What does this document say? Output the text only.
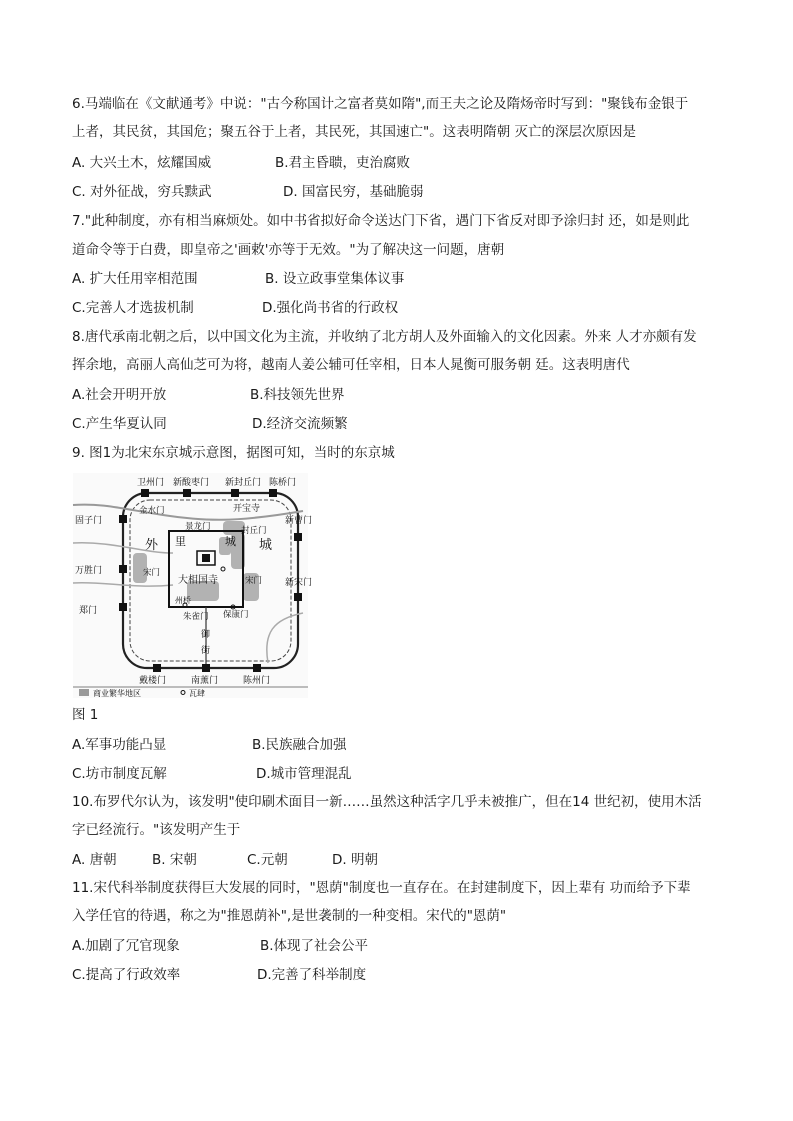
6.马端临在《文献通考》中说："古今称国计之富者莫如隋",而王夫之论及隋炀帝时写到："聚钱布金银于
上者，其民贫，其国危；聚五谷于上者，其民死，其国速亡"。这表明隋朝 灭亡的深层次原因是
A. 大兴土木，炫耀国威	B.君主昏聩，吏治腐败
C. 对外征战，穷兵黩武	D. 国富民穷，基础脆弱
7."此种制度，亦有相当麻烦处。如中书省拟好命令送达门下省，遇门下省反对即予涂归封 还，如是则此
道命令等于白费，即皇帝之'画敕'亦等于无效。"为了解决这一问题，唐朝
A. 扩大任用宰相范围	B. 设立政事堂集体议事
C.完善人才选拔机制	D.强化尚书省的行政权
8.唐代承南北朝之后，以中国文化为主流，并收纳了北方胡人及外面输入的文化因素。外来 人才亦颇有发
挥余地，高丽人高仙芝可为将，越南人姜公辅可任宰相，日本人晁衡可服务朝 廷。这表明唐代
A.社会开明开放	B.科技领先世界
C.产生华夏认同	D.经济交流频繁
9. 图1为北宋东京城示意图，据图可知，当时的东京城
卫州门 新酸枣门 新封丘门 陈桥门
固子门
万胜门
郑门
新曹门
新宋门
戴楼门	南薰门	陈州门
金水门
宋门
景龙门	封丘门
宋门
保康门
开宝寺
大相国寺
外	城
里	城
州桥
朱雀门
御
街
商业繁华地区	瓦肆
图 1
A.军事功能凸显	B.民族融合加强
C.坊市制度瓦解	D.城市管理混乱
10.布罗代尔认为，该发明"使印刷术面目一新……虽然这种活字几乎未被推广，但在14 世纪初，使用木活
字已经流行。"该发明产生于
A. 唐朝	B. 宋朝	C.元朝	D. 明朝
11.宋代科举制度获得巨大发展的同时，"恩荫"制度也一直存在。在封建制度下，因上辈有 功而给予下辈
入学任官的待遇，称之为"推恩荫补",是世袭制的一种变相。宋代的"恩荫"
A.加剧了冗官现象	B.体现了社会公平
C.提高了行政效率	D.完善了科举制度
